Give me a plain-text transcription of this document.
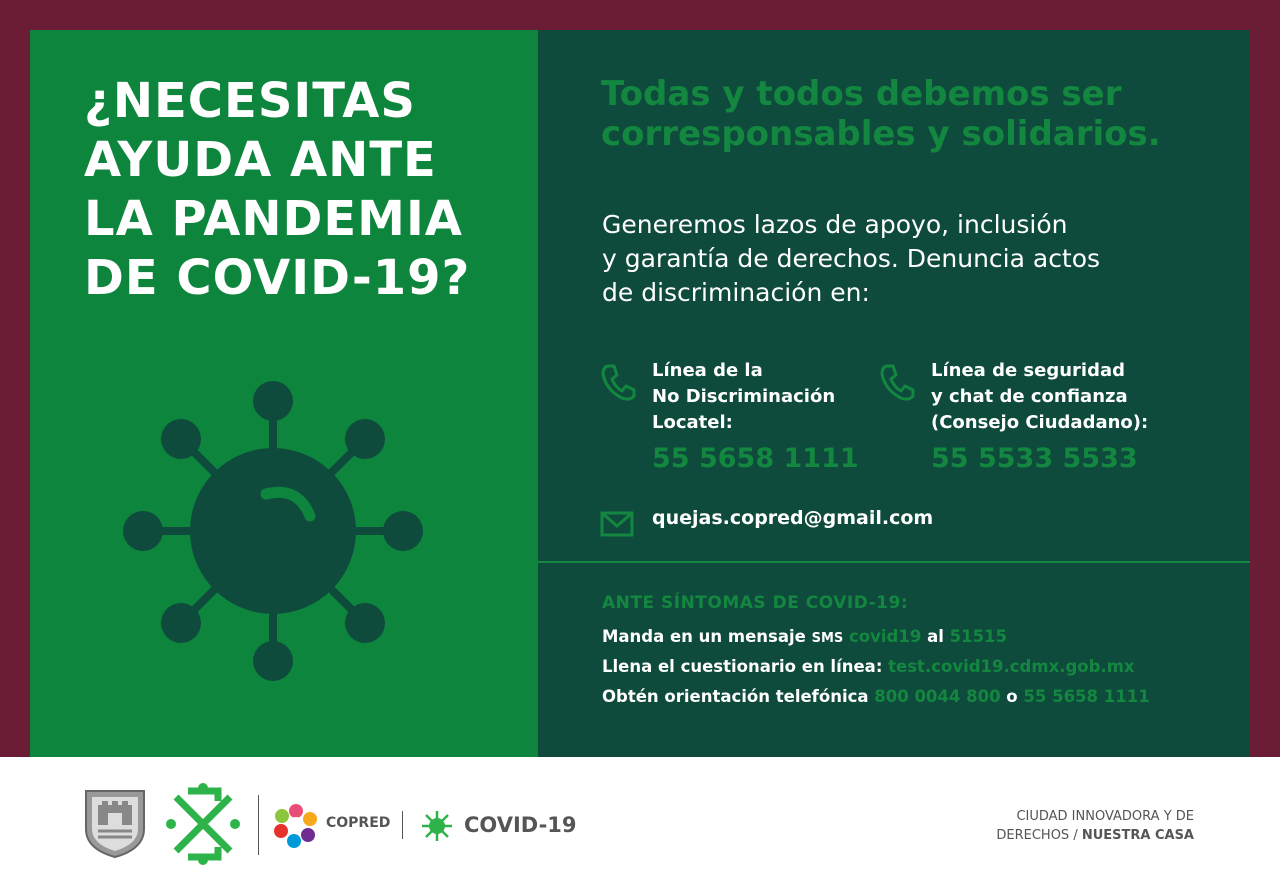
¿NECESITAS
AYUDA ANTE
LA PANDEMIA
DE COVID-19?
Todas y todos debemos ser
corresponsables y solidarios.
Generemos lazos de apoyo, inclusión
y garantía de derechos. Denuncia actos
de discriminación en:
Línea de la
No Discriminación
Locatel:
55 5658 1111
Línea de seguridad
y chat de confianza
(Consejo Ciudadano):
55 5533 5533
quejas.copred@gmail.com
ANTE SÍNTOMAS DE COVID-19:
Manda en un mensaje SMS covid19 al 51515
Llena el cuestionario en línea: test.covid19.cdmx.gob.mx
Obtén orientación telefónica 800 0044 800 o 55 5658 1111
COPRED	COVID-19	CIUDAD INNOVADORA Y DE
DERECHOS / NUESTRA CASA
